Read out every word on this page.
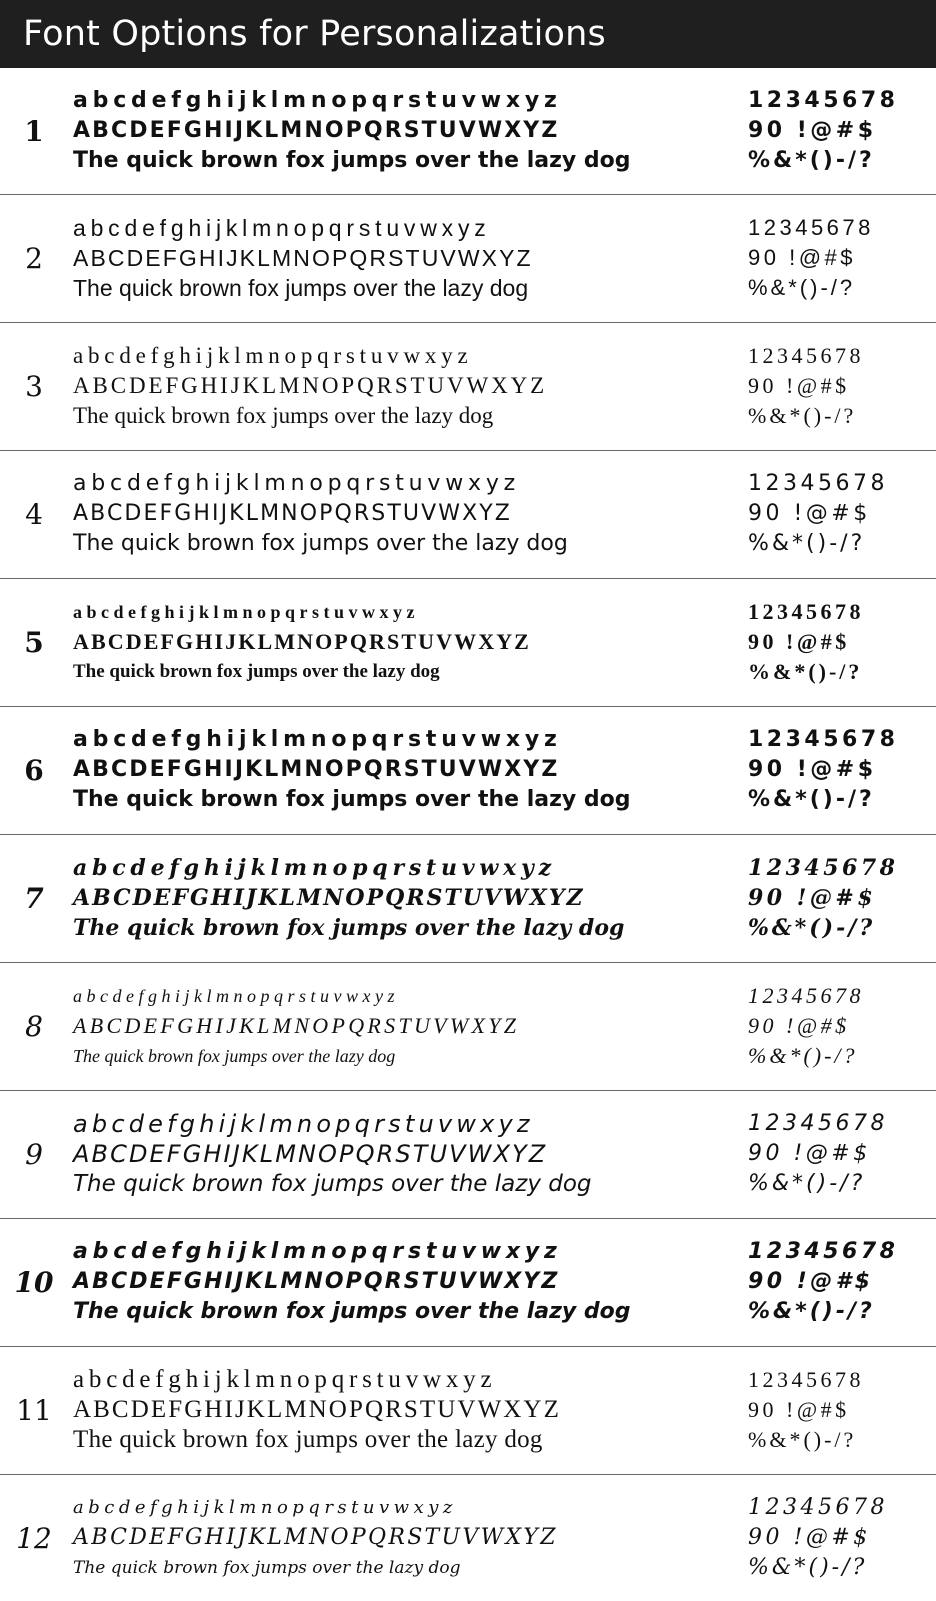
Font Options for Personalizations
1
abcdefghijklmnopqrstuvwxyz
ABCDEFGHIJKLMNOPQRSTUVWXYZ
The quick brown fox jumps over the lazy dog
12345678
90 !@#$
%&*()-/?
2
abcdefghijklmnopqrstuvwxyz
ABCDEFGHIJKLMNOPQRSTUVWXYZ
The quick brown fox jumps over the lazy dog
12345678
90 !@#$
%&*()-/?
3
abcdefghijklmnopqrstuvwxyz
ABCDEFGHIJKLMNOPQRSTUVWXYZ
The quick brown fox jumps over the lazy dog
12345678
90 !@#$
%&*()-/?
4
abcdefghijklmnopqrstuvwxyz
ABCDEFGHIJKLMNOPQRSTUVWXYZ
The quick brown fox jumps over the lazy dog
12345678
90 !@#$
%&*()-/?
5
abcdefghijklmnopqrstuvwxyz
ABCDEFGHIJKLMNOPQRSTUVWXYZ
The quick brown fox jumps over the lazy dog
12345678
90 !@#$
%&*()-/?
6
abcdefghijklmnopqrstuvwxyz
ABCDEFGHIJKLMNOPQRSTUVWXYZ
The quick brown fox jumps over the lazy dog
12345678
90 !@#$
%&*()-/?
7
abcdefghijklmnopqrstuvwxyz
ABCDEFGHIJKLMNOPQRSTUVWXYZ
The quick brown fox jumps over the lazy dog
12345678
90 !@#$
%&*()-/?
8
abcdefghijklmnopqrstuvwxyz
ABCDEFGHIJKLMNOPQRSTUVWXYZ
The quick brown fox jumps over the lazy dog
12345678
90 !@#$
%&*()-/?
9
abcdefghijklmnopqrstuvwxyz
ABCDEFGHIJKLMNOPQRSTUVWXYZ
The quick brown fox jumps over the lazy dog
12345678
90 !@#$
%&*()-/?
10
abcdefghijklmnopqrstuvwxyz
ABCDEFGHIJKLMNOPQRSTUVWXYZ
The quick brown fox jumps over the lazy dog
12345678
90 !@#$
%&*()-/?
11
abcdefghijklmnopqrstuvwxyz
ABCDEFGHIJKLMNOPQRSTUVWXYZ
The quick brown fox jumps over the lazy dog
12345678
90 !@#$
%&*()-/?
12
abcdefghijklmnopqrstuvwxyz
ABCDEFGHIJKLMNOPQRSTUVWXYZ
The quick brown fox jumps over the lazy dog
12345678
90 !@#$
%&*()-/?
